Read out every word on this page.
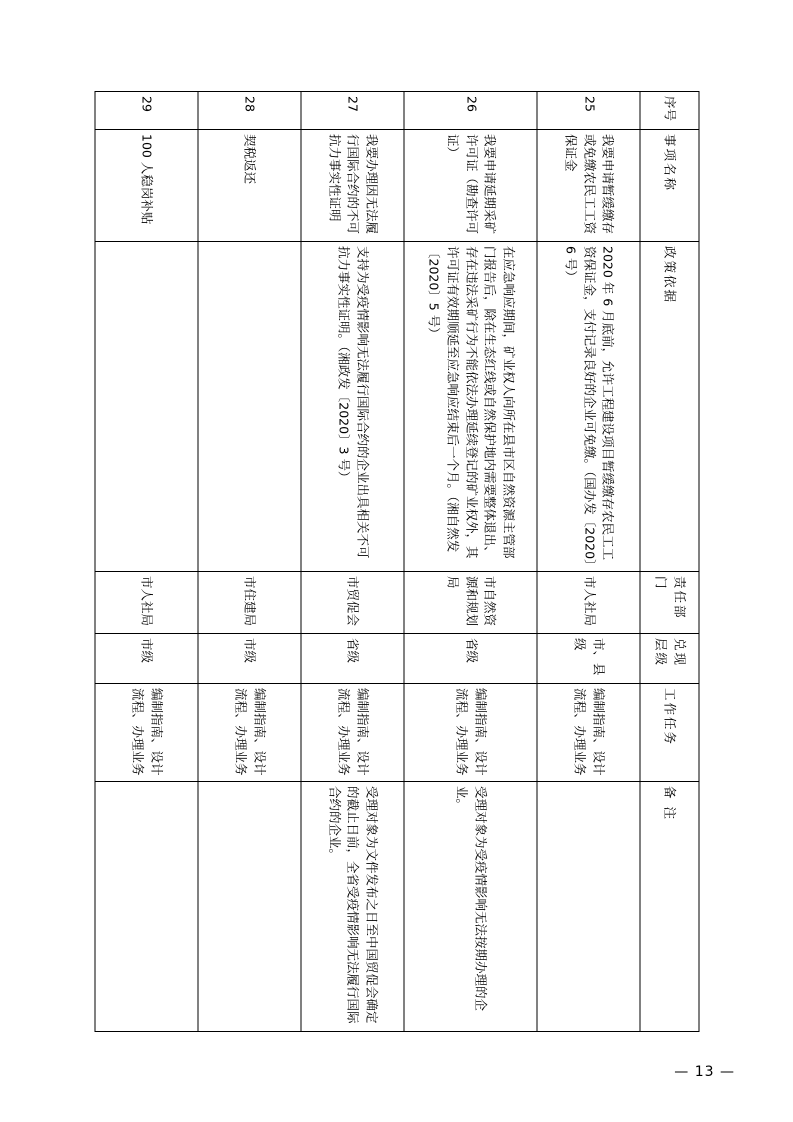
序号	事项名称	政策依据	责任部门	兑现层级	工作任务	备 注
25	我要申请暂缓缴存或免缴农民工工资保证金	2020 年 6 月底前，允许工程建设项目暂缓缴存农民工工资保证金，支付记录良好的企业可免缴。（国办发〔2020〕6 号）	市人社局	市、县级	编制指南、设计流程、办理业务	
26	我要申请延期采矿许可证（勘查许可证）	在应急响应期间，矿业权人向所在县市区自然资源主管部门报告后，除在生态红线或自然保护地内需要整体退出、存在违法采矿行为不能依法办理延续登记的矿业权外，其许可证有效期顺延至应急响应结束后一个月。（湘自然发〔2020〕5 号）	市自然资源和规划局	省级	编制指南、设计流程、办理业务	受理对象为受疫情影响无法按期办理的企业。
27	我要办理因无法履行国际合约的不可抗力事实性证明	支持为受疫情影响无法履行国际合约的企业出具相关不可抗力事实性证明。（湘政发〔2020〕3 号）	市贸促会	省级	编制指南、设计流程、办理业务	受理对象为文件发布之日至中国贸促会确定的截止日前，全省受疫情影响无法履行国际合约的企业。
28	契税返还		市住建局	市级	编制指南、设计流程、办理业务	
29	100 人稳岗补贴		市人社局	市级	编制指南、设计流程、办理业务	
— 13 —
